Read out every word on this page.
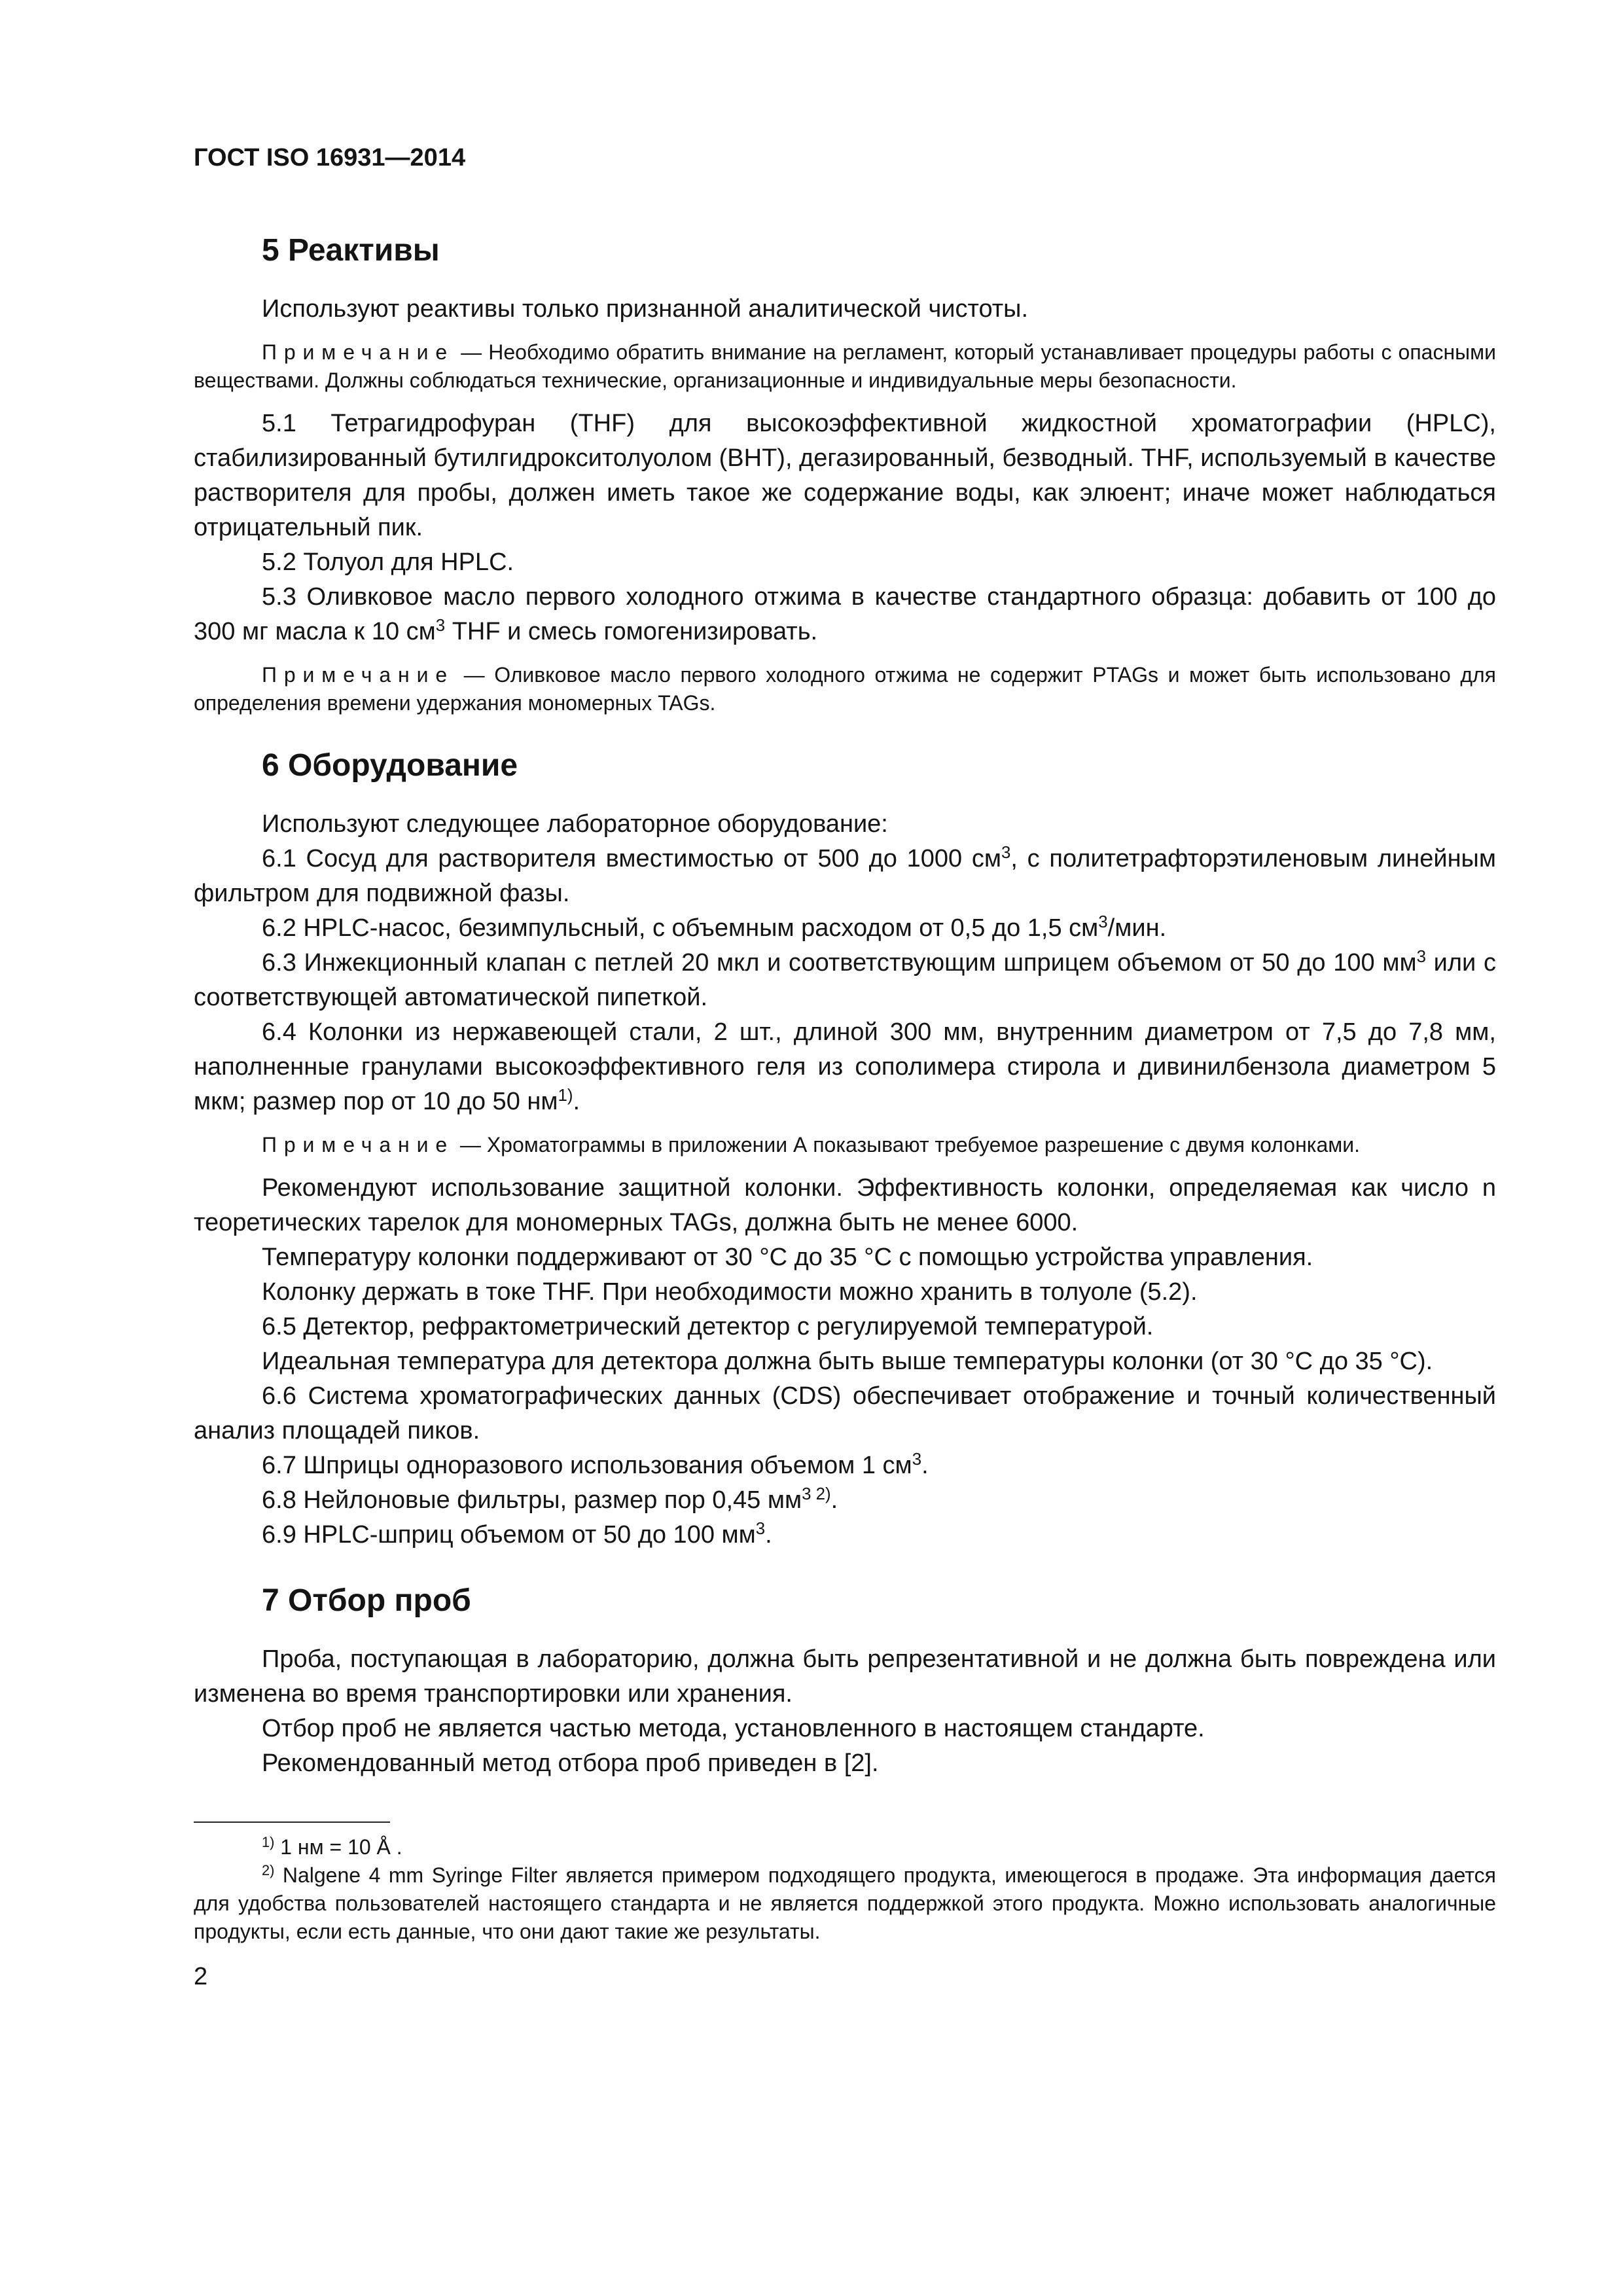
ГОСТ ISO 16931—2014
5 Реактивы

Используют реактивы только признанной аналитической чистоты.

Примечание — Необходимо обратить внимание на регламент, который устанавливает процедуры работы с опасными веществами. Должны соблюдаться технические, организационные и индивидуальные меры безопасности.

5.1 Тетрагидрофуран (THF) для высокоэффективной жидкостной хроматографии (HPLC), стабилизированный бутилгидрокситолуолом (BHT), дегазированный, безводный. THF, используемый в качестве растворителя для пробы, должен иметь такое же содержание воды, как элюент; иначе может наблюдаться отрицательный пик.

5.2 Толуол для HPLC.

5.3 Оливковое масло первого холодного отжима в качестве стандартного образца: добавить от 100 до 300 мг масла к 10 $см^3$ THF и смесь гомогенизировать.

Примечание — Оливковое масло первого холодного отжима не содержит PTAGs и может быть использовано для определения времени удержания мономерных TAGs.

6 Оборудование

Используют следующее лабораторное оборудование:

6.1 Сосуд для растворителя вместимостью от 500 до 1000 $см^3$, с политетрафторэтиленовым линейным фильтром для подвижной фазы.

6.2 HPLC-насос, безимпульсный, с объемным расходом от 0,5 до 1,5 $см^3$/мин.

6.3 Инжекционный клапан с петлей 20 мкл и соответствующим шприцем объемом от 50 до 100 $мм^3$ или с соответствующей автоматической пипеткой.

6.4 Колонки из нержавеющей стали, 2 шт., длиной 300 мм, внутренним диаметром от 7,5 до 7,8 мм, наполненные гранулами высокоэффективного геля из сополимера стирола и дивинилбензола диаметром 5 мкм; размер пор от 10 до 50 $нм^{1)}$.

Примечание — Хроматограммы в приложении А показывают требуемое разрешение с двумя колонками.

Рекомендуют использование защитной колонки. Эффективность колонки, определяемая как число n теоретических тарелок для мономерных TAGs, должна быть не менее 6000.

Температуру колонки поддерживают от 30 °С до 35 °С с помощью устройства управления.

Колонку держать в токе THF. При необходимости можно хранить в толуоле (5.2).

6.5 Детектор, рефрактометрический детектор с регулируемой температурой.

Идеальная температура для детектора должна быть выше температуры колонки (от 30 °С до 35 °С).

6.6 Система хроматографических данных (CDS) обеспечивает отображение и точный количественный анализ площадей пиков.

6.7 Шприцы одноразового использования объемом 1 $см^3$.

6.8 Нейлоновые фильтры, размер пор 0,45 $мм^{3 2)}$.

6.9 HPLC-шприц объемом от 50 до 100 $мм^3$.

7 Отбор проб

Проба, поступающая в лабораторию, должна быть репрезентативной и не должна быть повреждена или изменена во время транспортировки или хранения.

Отбор проб не является частью метода, установленного в настоящем стандарте.

Рекомендованный метод отбора проб приведен в [2].

$^{1)}$ 1 нм = 10 Å .
$^{2)}$ Nalgene 4 mm Syringe Filter является примером подходящего продукта, имеющегося в продаже. Эта информация дается для удобства пользователей настоящего стандарта и не является поддержкой этого продукта. Можно использовать аналогичные продукты, если есть данные, что они дают такие же результаты.
2
